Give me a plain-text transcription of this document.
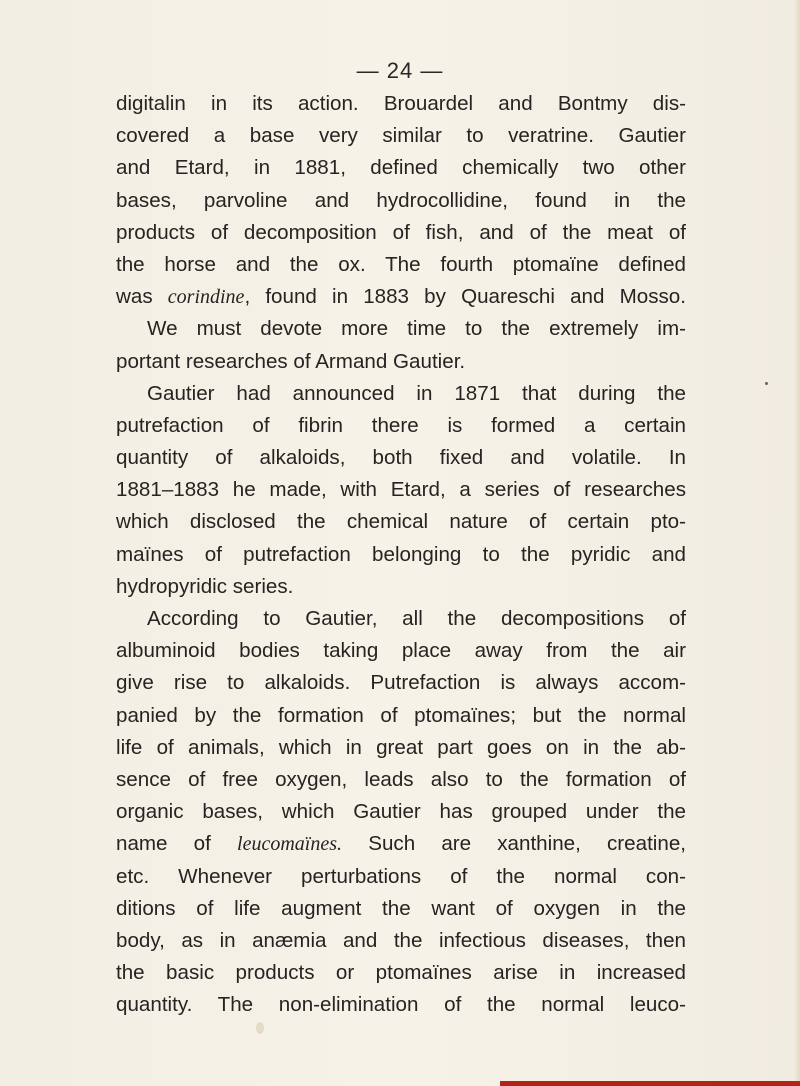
— 24 —
digitalin in its action. Brouardel and Bontmy dis-
covered a base very similar to veratrine. Gautier
and Etard, in 1881, defined chemically two other
bases, parvoline and hydrocollidine, found in the
products of decomposition of fish, and of the meat of
the horse and the ox. The fourth ptomaïne defined
was corindine, found in 1883 by Quareschi and Mosso.
We must devote more time to the extremely im-
portant researches of Armand Gautier.
Gautier had announced in 1871 that during the
putrefaction of fibrin there is formed a certain
quantity of alkaloids, both fixed and volatile. In
1881–1883 he made, with Etard, a series of researches
which disclosed the chemical nature of certain pto-
maïnes of putrefaction belonging to the pyridic and
hydropyridic series.
According to Gautier, all the decompositions of
albuminoid bodies taking place away from the air
give rise to alkaloids. Putrefaction is always accom-
panied by the formation of ptomaïnes; but the normal
life of animals, which in great part goes on in the ab-
sence of free oxygen, leads also to the formation of
organic bases, which Gautier has grouped under the
name of leucomaïnes. Such are xanthine, creatine,
etc. Whenever perturbations of the normal con-
ditions of life augment the want of oxygen in the
body, as in anæmia and the infectious diseases, then
the basic products or ptomaïnes arise in increased
quantity. The non-elimination of the normal leuco-
